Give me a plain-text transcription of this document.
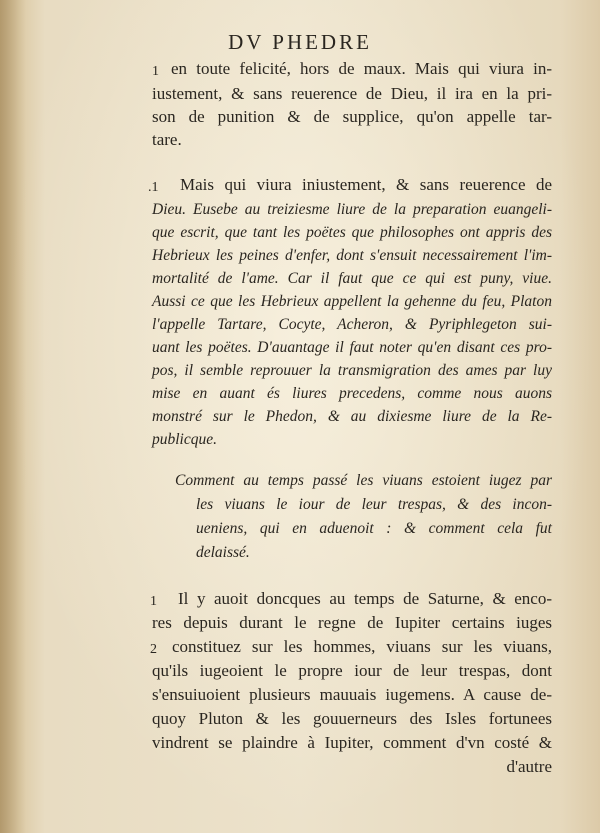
DV PHEDRE
1 en toute felicité, hors de maux. Mais qui viura in-
iustement, & sans reuerence de Dieu, il ira en la pri-
son de punition & de supplice, qu'on appelle tar-
tare.
.1 Mais qui viura iniustement, & sans reuerence de
Dieu. Eusebe au treiziesme liure de la preparation euangeli-
que escrit, que tant les poëtes que philosophes ont appris des
Hebrieux les peines d'enfer, dont s'ensuit necessairement l'im-
mortalité de l'ame. Car il faut que ce qui est puny, viue.
Aussi ce que les Hebrieux appellent la gehenne du feu, Platon
l'appelle Tartare, Cocyte, Acheron, & Pyriphlegeton sui-
uant les poëtes. D'auantage il faut noter qu'en disant ces pro-
pos, il semble reprouuer la transmigration des ames par luy
mise en auant és liures precedens, comme nous auons
monstré sur le Phedon, & au dixiesme liure de la Re-
publicque.
Comment au temps passé les viuans estoient iugez par
les viuans le iour de leur trespas, & des incon-
ueniens, qui en aduenoit : & comment cela fut
delaissé.
1 Il y auoit doncques au temps de Saturne, & enco-
res depuis durant le regne de Iupiter certains iuges
2 constituez sur les hommes, viuans sur les viuans,
qu'ils iugeoient le propre iour de leur trespas, dont
s'ensuiuoient plusieurs mauuais iugemens. A cause de-
quoy Pluton & les gouuerneurs des Isles fortunees
vindrent se plaindre à Iupiter, comment d'vn costé &
d'autre
